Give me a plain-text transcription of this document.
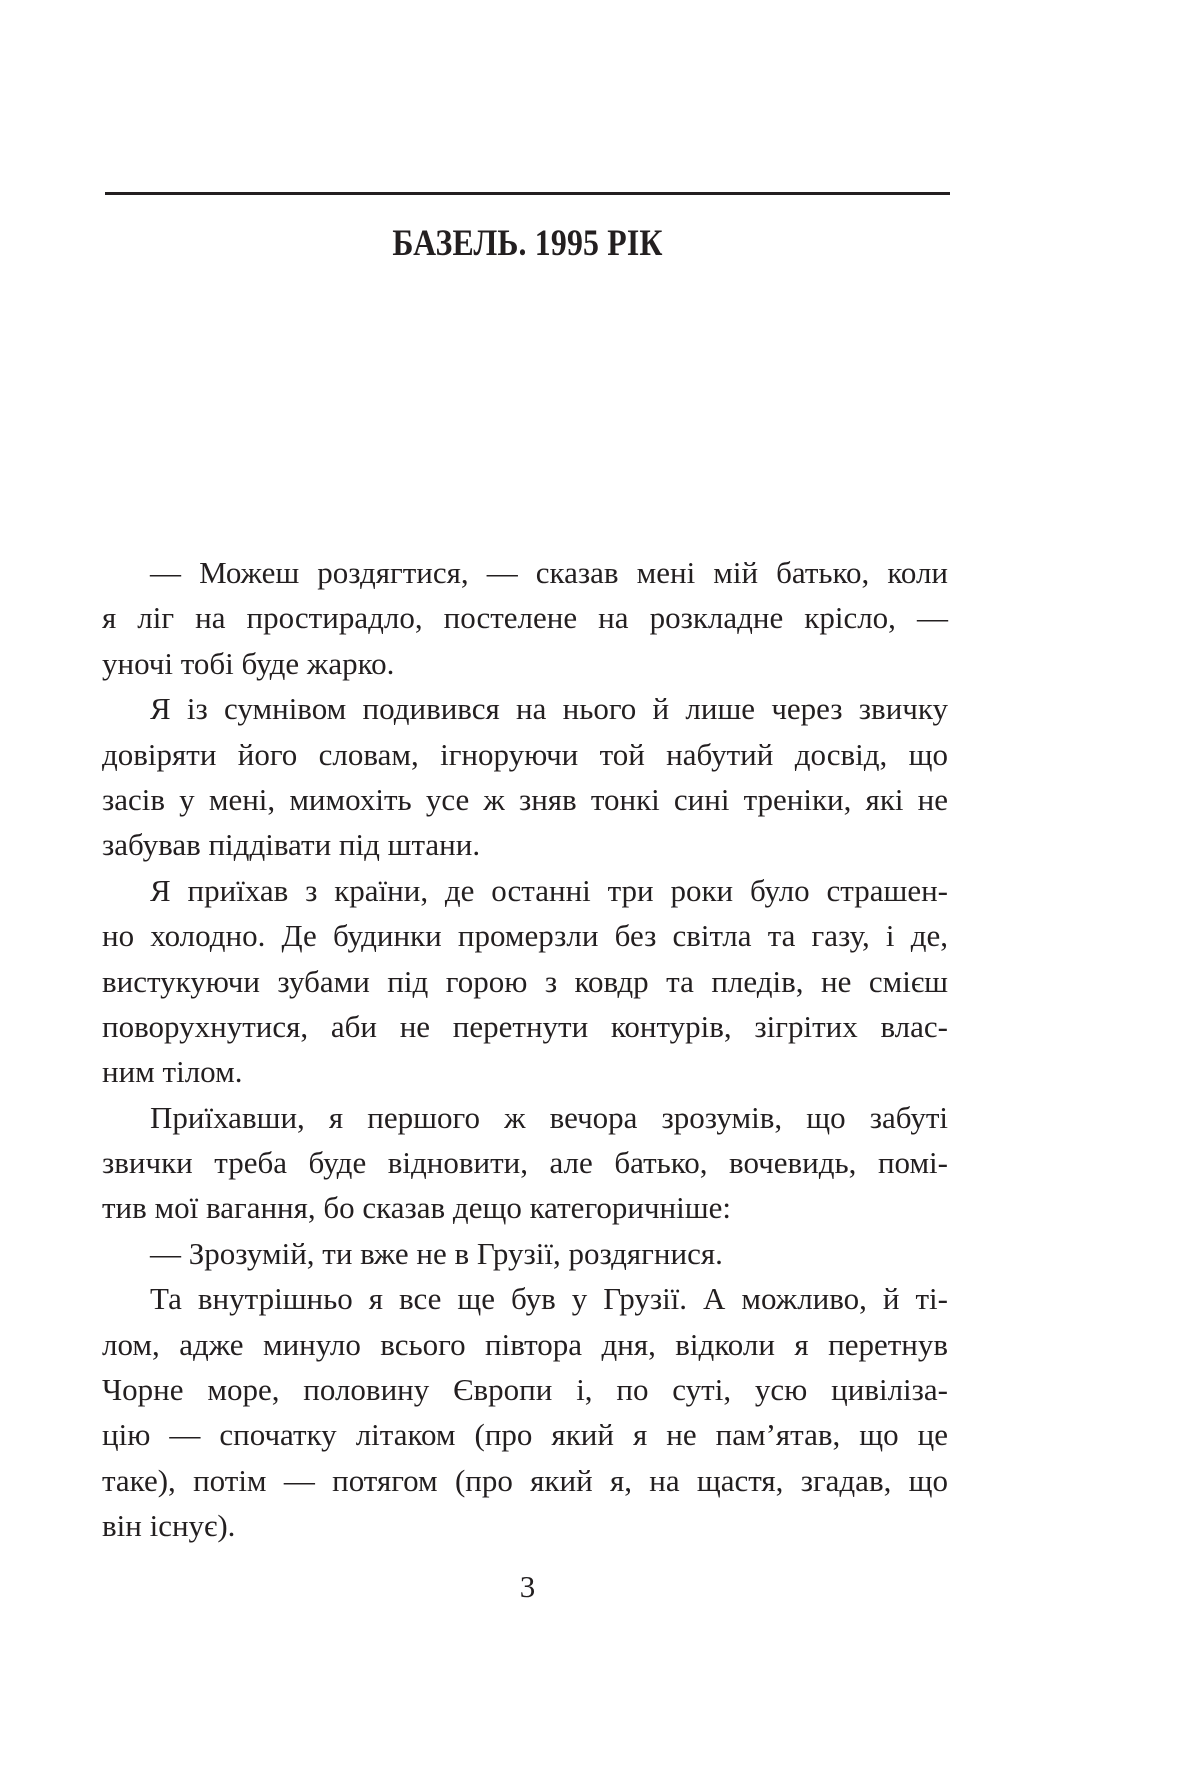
БАЗЕЛЬ. 1995 РІК

— Можеш роздягтися, — сказав мені мій батько, коли
я ліг на простирадло, постелене на розкладне крісло, —
уночі тобі буде жарко.

Я із сумнівом подивився на нього й лише через звичку
довіряти його словам, ігноруючи той набутий досвід, що
засів у мені, мимохіть усе ж зняв тонкі сині треніки, які не
забував піддівати під штани.

Я приїхав з країни, де останні три роки було страшен-
но холодно. Де будинки промерзли без світла та газу, і де,
вистукуючи зубами під горою з ковдр та пледів, не смієш
поворухнутися, аби не перетнути контурів, зігрітих влас-
ним тілом.

Приїхавши, я першого ж вечора зрозумів, що забуті
звички треба буде відновити, але батько, вочевидь, помі-
тив мої вагання, бо сказав дещо категоричніше:

— Зрозумій, ти вже не в Грузії, роздягнися.

Та внутрішньо я все ще був у Грузії. А можливо, й ті-
лом, адже минуло всього півтора дня, відколи я перетнув
Чорне море, половину Європи і, по суті, усю цивіліза-
цію — спочатку літаком (про який я не пам’ятав, що це
таке), потім — потягом (про який я, на щастя, згадав, що
він існує).

3
